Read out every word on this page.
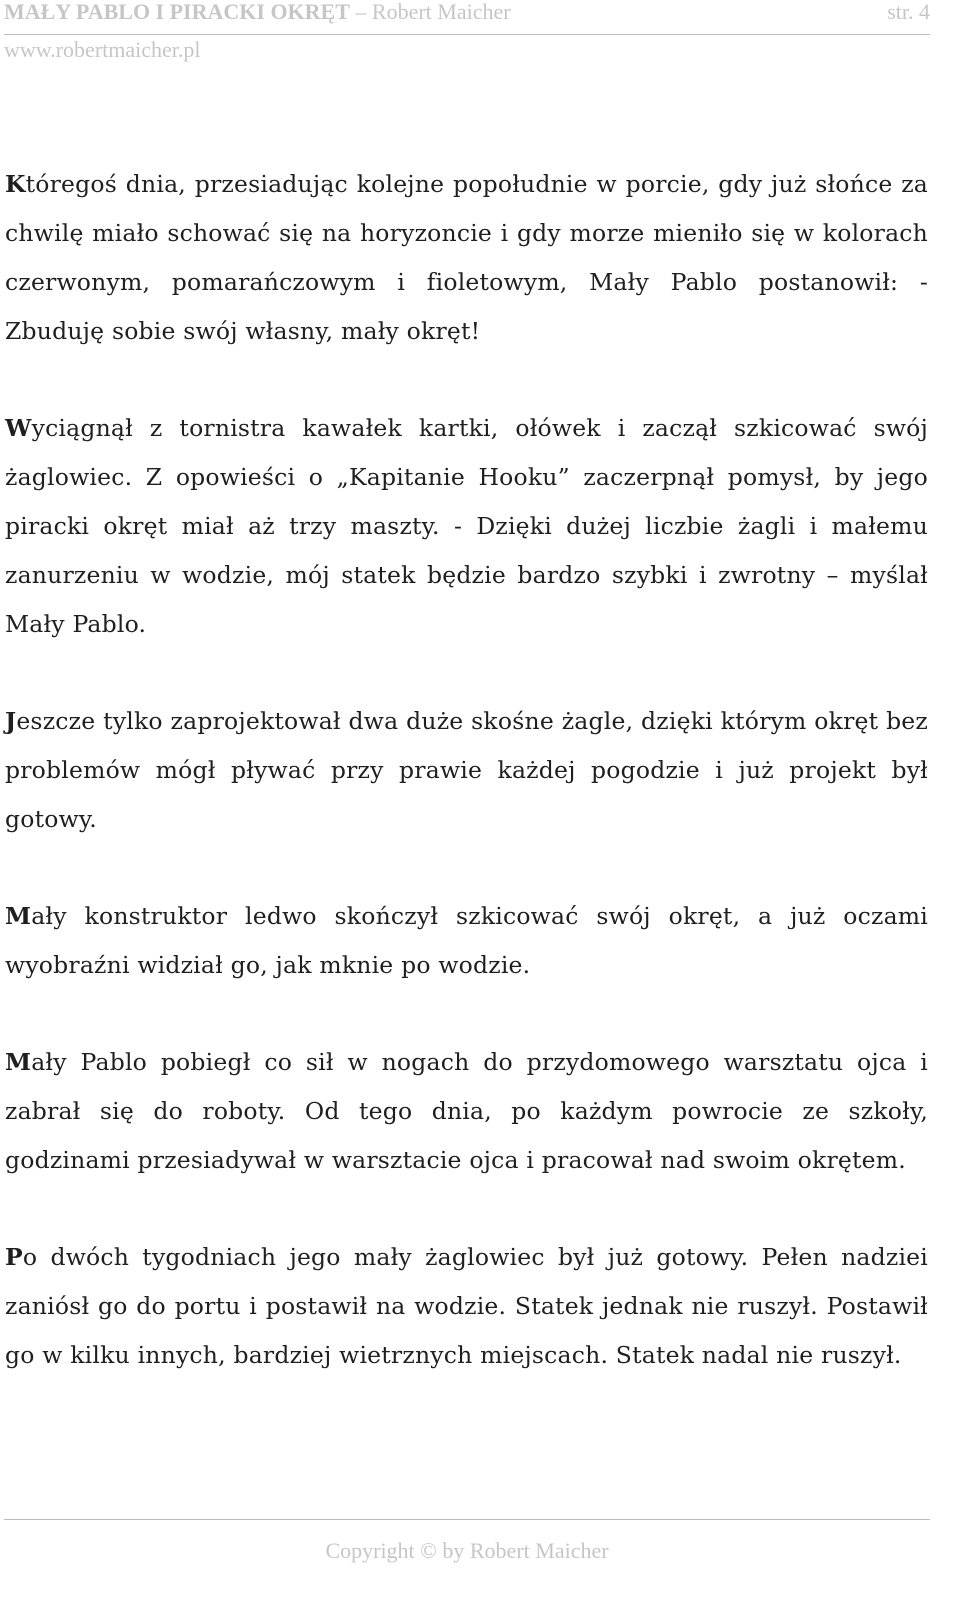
MAŁY PABLO I PIRACKI OKRĘT – Robert Maicher	str. 4
www.robertmaicher.pl

Któregoś dnia, przesiadując kolejne popołudnie w porcie, gdy już słońce za chwilę miało schować się na horyzoncie i gdy morze mieniło się w kolorach czerwonym, pomarańczowym i fioletowym, Mały Pablo postanowił: - Zbuduję sobie swój własny, mały okręt!

Wyciągnął z tornistra kawałek kartki, ołówek i zaczął szkicować swój żaglowiec. Z opowieści o „Kapitanie Hooku” zaczerpnął pomysł, by jego piracki okręt miał aż trzy maszty. - Dzięki dużej liczbie żagli i małemu zanurzeniu w wodzie, mój statek będzie bardzo szybki i zwrotny – myślał Mały Pablo.

Jeszcze tylko zaprojektował dwa duże skośne żagle, dzięki którym okręt bez problemów mógł pływać przy prawie każdej pogodzie i już projekt był gotowy.

Mały konstruktor ledwo skończył szkicować swój okręt, a już oczami wyobraźni widział go, jak mknie po wodzie.

Mały Pablo pobiegł co sił w nogach do przydomowego warsztatu ojca i zabrał się do roboty. Od tego dnia, po każdym powrocie ze szkoły, godzinami przesiadywał w warsztacie ojca i pracował nad swoim okrętem.

Po dwóch tygodniach jego mały żaglowiec był już gotowy. Pełen nadziei zaniósł go do portu i postawił na wodzie. Statek jednak nie ruszył. Postawił go w kilku innych, bardziej wietrznych miejscach. Statek nadal nie ruszył.

Copyright © by Robert Maicher
